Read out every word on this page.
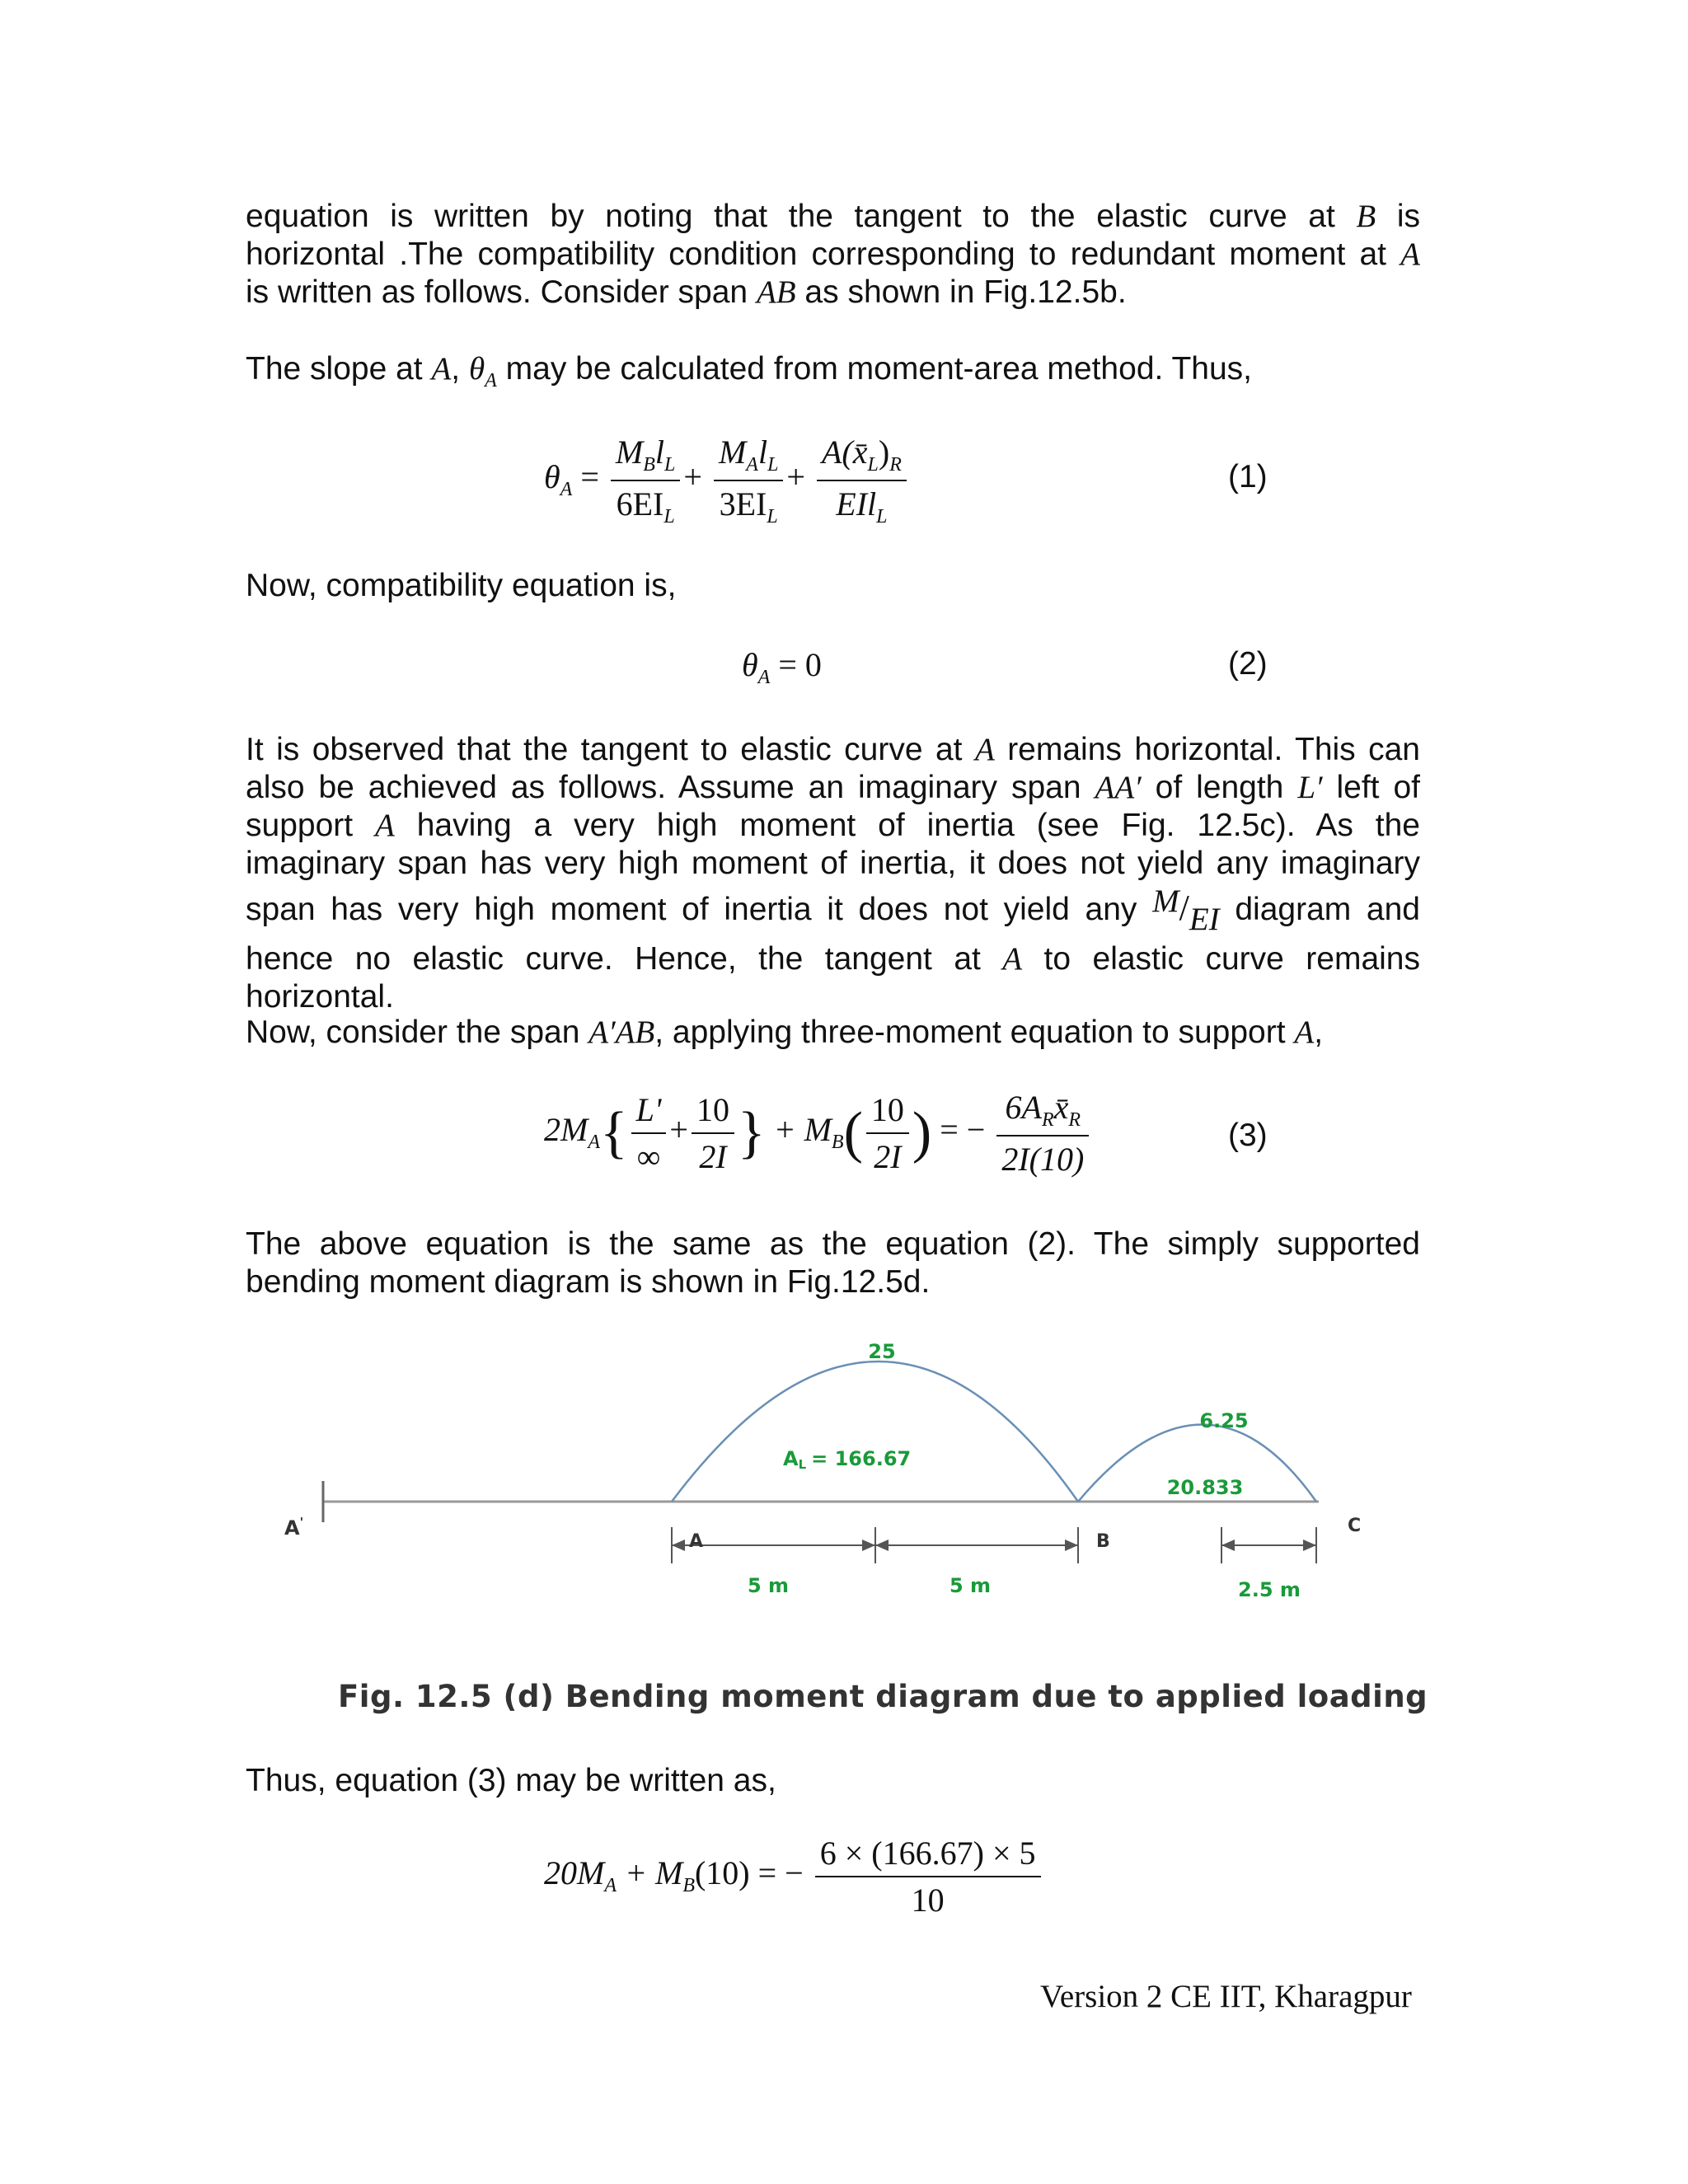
equation is written by noting that the tangent to the elastic curve at B is
horizontal .The compatibility condition corresponding to redundant moment at A
is written as follows. Consider span AB as shown in Fig.12.5b.
The slope at A, $\theta_A$ may be calculated from moment-area method. Thus,
$\theta_A = \frac{M_Bl_L}{6EI_L} + \frac{M_Al_L}{3EI_L} + \frac{A(x̄_L)_R}{EIl_L}$	(1)
Now, compatibility equation is,
$\theta_A = 0$	(2)
It is observed that the tangent to elastic curve at A remains horizontal. This can
also be achieved as follows. Assume an imaginary span AA′ of length L′ left of
support A having a very high moment of inertia (see Fig. 12.5c). As the
imaginary span has very high moment of inertia, it does not yield any imaginary
span has very high moment of inertia it does not yield any M/EI diagram and
hence no elastic curve. Hence, the tangent at A to elastic curve remains
horizontal.
Now, consider the span A′AB, applying three-moment equation to support A,
$2M_A\{ \frac{L'}{\infty} + \frac{10}{2I}$ } + $M_B( \frac{10}{2I}$ ) = − $\frac{6A_Rx̄_R}{2I(10)}$	(3)
The above equation is the same as the equation (2). The simply supported
bending moment diagram is shown in Fig.12.5d.
25
6.25
AL = 166.67
20.833
A'
A	B
C
5 m	5 m	2.5 m
Fig. 12.5 (d) Bending moment diagram due to applied loading
Thus, equation (3) may be written as,
$20M_A + M_B(10)$ = − $\frac{6 \times (166.67) \times 5}{10}$
Version 2 CE IIT, Kharagpur
